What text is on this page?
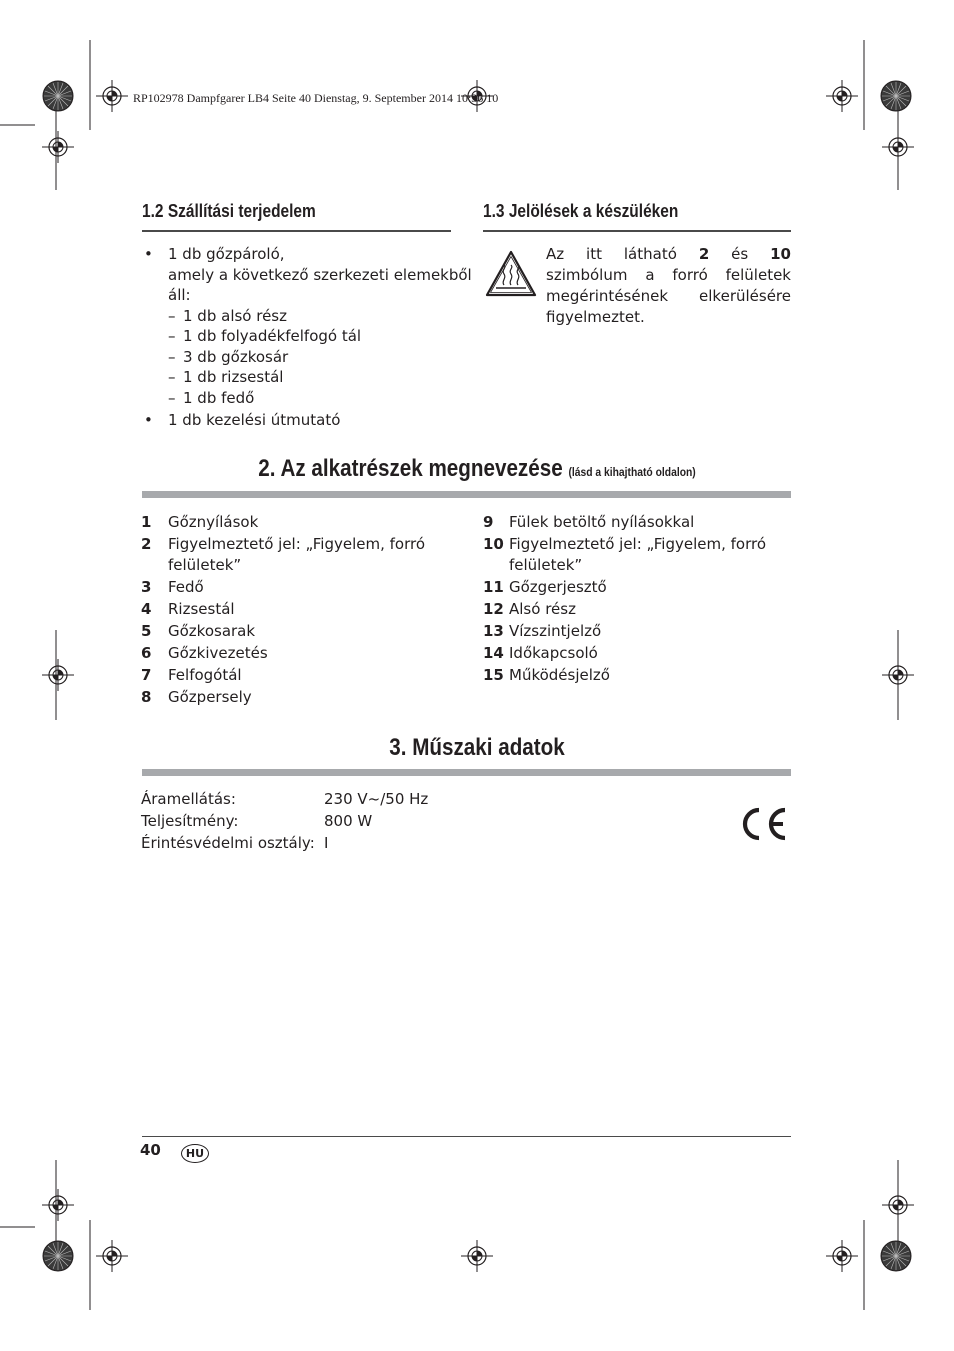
RP102978 Dampfgarer LB4 Seite 40 Dienstag, 9. September 2014 10:36 10
1.2 Szállítási terjedelem
• 1 db gőzpároló,
amely a következő szerkezeti elemekből
áll:
– 1 db alsó rész
– 1 db folyadékfelfogó tál
– 3 db gőzkosár
– 1 db rizsestál
– 1 db fedő
• 1 db kezelési útmutató
1.3 Jelölések a készüléken
Az itt látható 2 és 10 szimbólum a forró felületek megérintésének elkerülésére figyelmeztet.
2. Az alkatrészek megnevezése (lásd a kihajtható oldalon)
1 Gőznyílások
2 Figyelmeztető jel: „Figyelem, forró
felületek”
3 Fedő
4 Rizsestál
5 Gőzkosarak
6 Gőzkivezetés
7 Felfogótál
8 Gőzpersely
9 Fülek betöltő nyílásokkal
10 Figyelmeztető jel: „Figyelem, forró
felületek”
11 Gőzgerjesztő
12 Alsó rész
13 Vízszintjelző
14 Időkapcsoló
15 Működésjelző
3. Műszaki adatok
Áramellátás:	230 V~/50 Hz
Teljesítmény:	800 W
Érintésvédelmi osztály: I
40	HU
